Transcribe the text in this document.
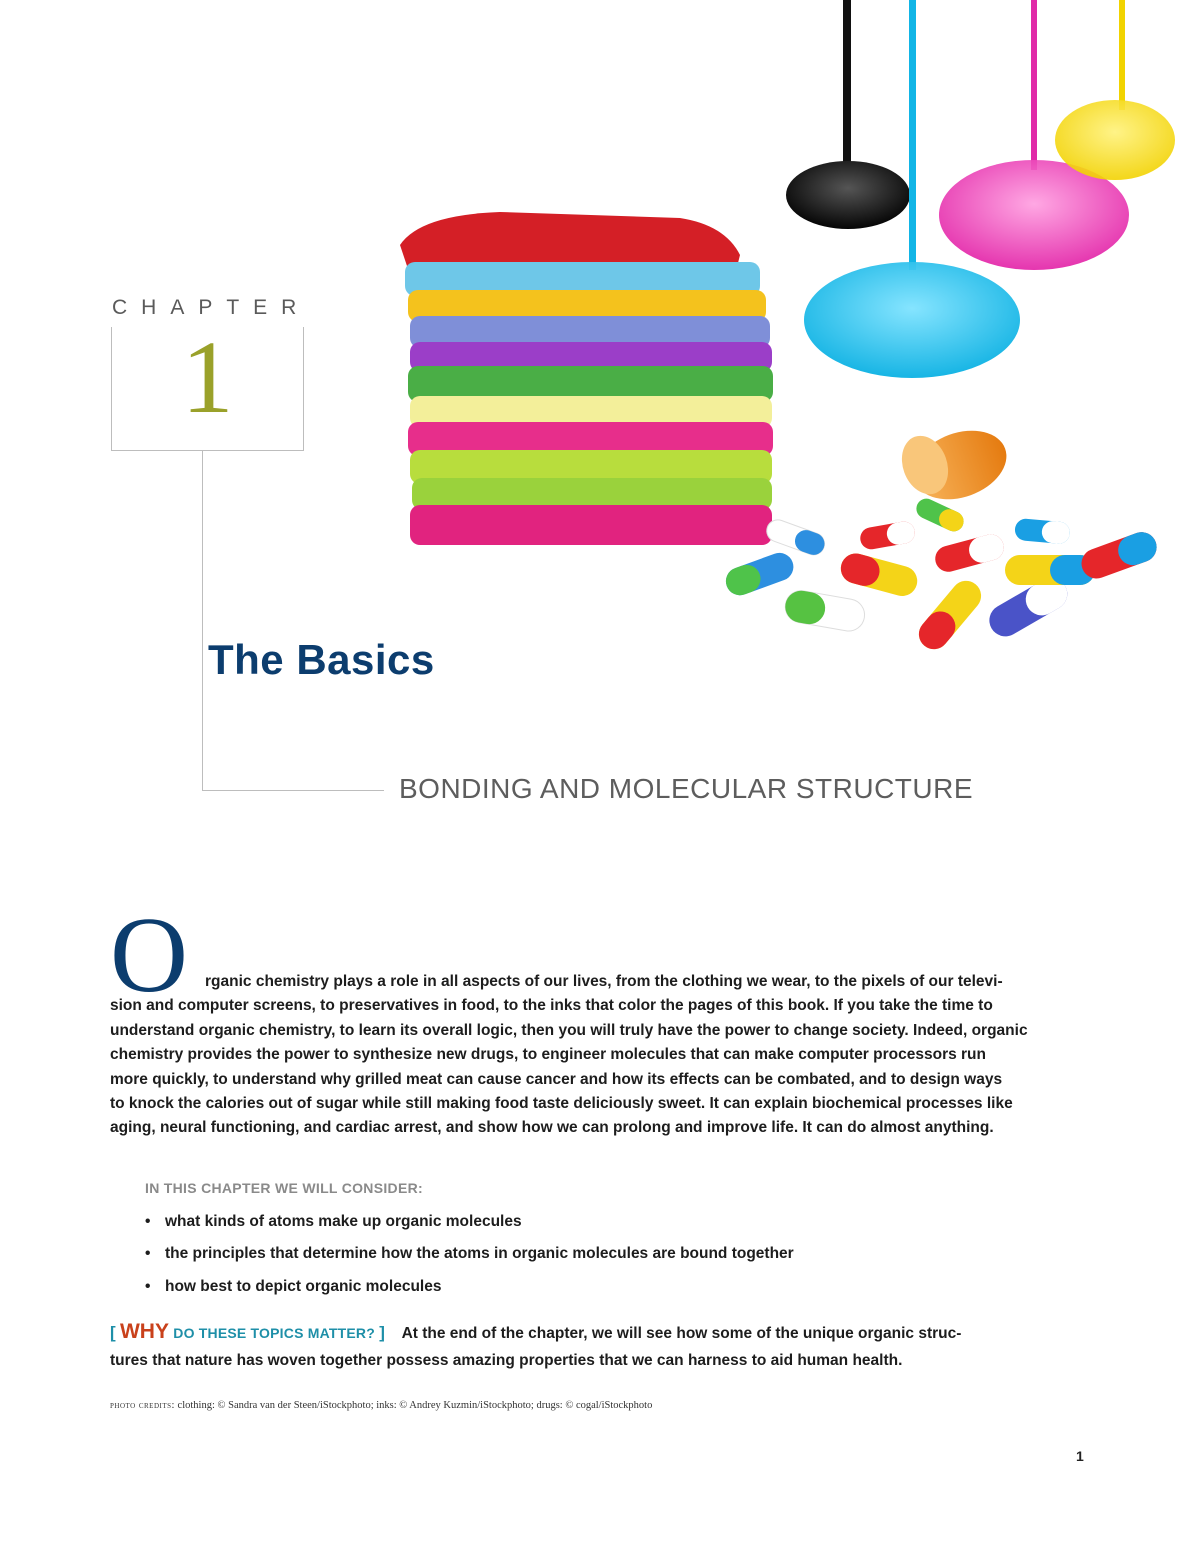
CHAPTER
1
The Basics
BONDING AND MOLECULAR STRUCTURE
O	rganic chemistry plays a role in all aspects of our lives, from the clothing we wear, to the pixels of our televi-
sion and computer screens, to preservatives in food, to the inks that color the pages of this book. If you take the time to
understand organic chemistry, to learn its overall logic, then you will truly have the power to change society. Indeed, organic
chemistry provides the power to synthesize new drugs, to engineer molecules that can make computer processors run
more quickly, to understand why grilled meat can cause cancer and how its effects can be combated, and to design ways
to knock the calories out of sugar while still making food taste deliciously sweet. It can explain biochemical processes like
aging, neural functioning, and cardiac arrest, and show how we can prolong and improve life. It can do almost anything.
IN THIS CHAPTER WE WILL CONSIDER:
• what kinds of atoms make up organic molecules
• the principles that determine how the atoms in organic molecules are bound together
• how best to depict organic molecules
[ WHY DO THESE TOPICS MATTER? ] At the end of the chapter, we will see how some of the unique organic struc-
tures that nature has woven together possess amazing properties that we can harness to aid human health.
photo credits: clothing: © Sandra van der Steen/iStockphoto; inks: © Andrey Kuzmin/iStockphoto; drugs: © cogal/iStockphoto
1
